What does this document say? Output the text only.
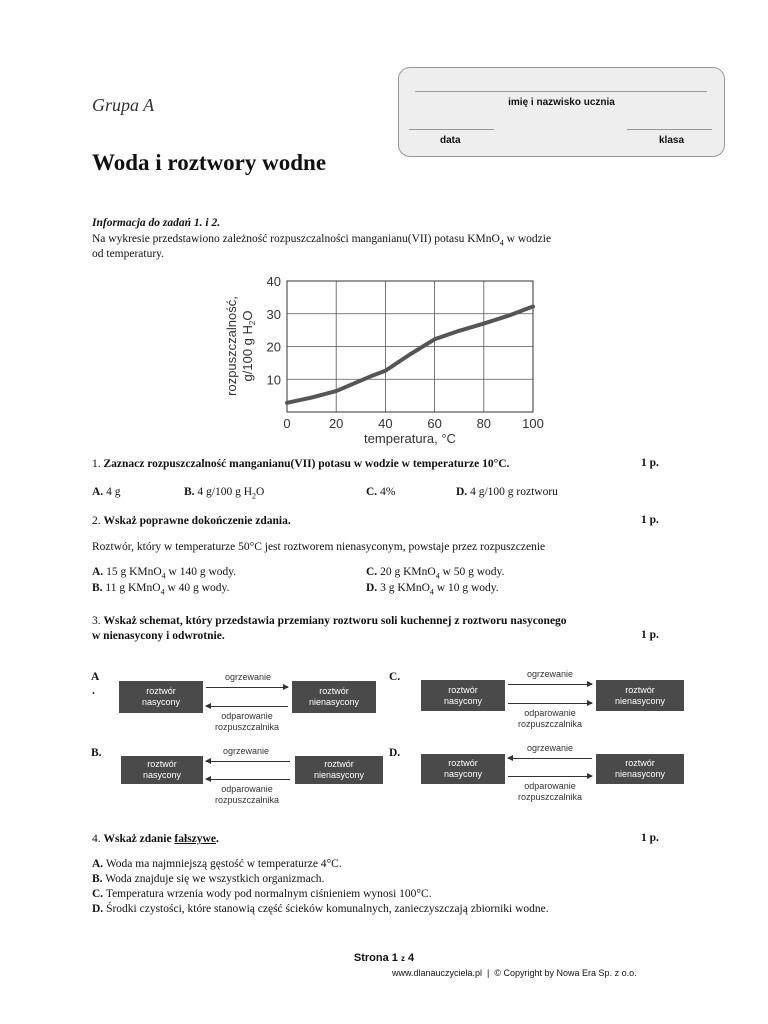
Grupa A
Woda i roztwory wodne
imię i nazwisko ucznia
data	klasa
Informacja do zadań 1. i 2.
Na wykresie przedstawiono zależność rozpuszczalności manganianu(VII) potasu KMnO$_4$ w wodzie
od temperatury.
0	20	40	60	80 100
10
20
30
40
temperatura, °C
rozpuszczalność, g/100 g $H_2O$
1. Zaznacz rozpuszczalność manganianu(VII) potasu w wodzie w temperaturze 10°C.	1 p.
A. 4 g	B. 4 g/100 g $H_2O$	C. 4%	D. 4 g/100 g roztworu
2. Wskaż poprawne dokończenie zdania.	1 p.
Roztwór, który w temperaturze 50°C jest roztworem nienasyconym, powstaje przez rozpuszczenie
A. 15 g KMnO$_4$ w 140 g wody.
B. 11 g KMnO$_4$ w 40 g wody.
C. 20 g KMnO$_4$ w 50 g wody.
D. 3 g KMnO$_4$ w 10 g wody.
3. Wskaż schemat, który przedstawia przemiany roztworu soli kuchennej z roztworu nasyconego
w nienasycony i odwrotnie.	1 p.
A
.	roztwór
nasycony
roztwór
nienasycony
ogrzewanie
odparowanie
rozpuszczalnika
C.
roztwór
nasycony
roztwór
nienasycony
ogrzewanie
odparowanie
rozpuszczalnika
B.
roztwór
nasycony
roztwór
nienasycony
ogrzewanie
odparowanie
rozpuszczalnika
D.
roztwór
nasycony
roztwór
nienasycony
ogrzewanie
odparowanie
rozpuszczalnika
4. Wskaż zdanie fałszywe.	1 p.
A. Woda ma najmniejszą gęstość w temperaturze 4°C.
B. Woda znajduje się we wszystkich organizmach.
C. Temperatura wrzenia wody pod normalnym ciśnieniem wynosi 100°C.
D. Środki czystości, które stanowią część ścieków komunalnych, zanieczyszczają zbiorniki wodne.
Strona 1 z 4
www.dlanauczyciela.pl  |  © Copyright by Nowa Era Sp. z o.o.
